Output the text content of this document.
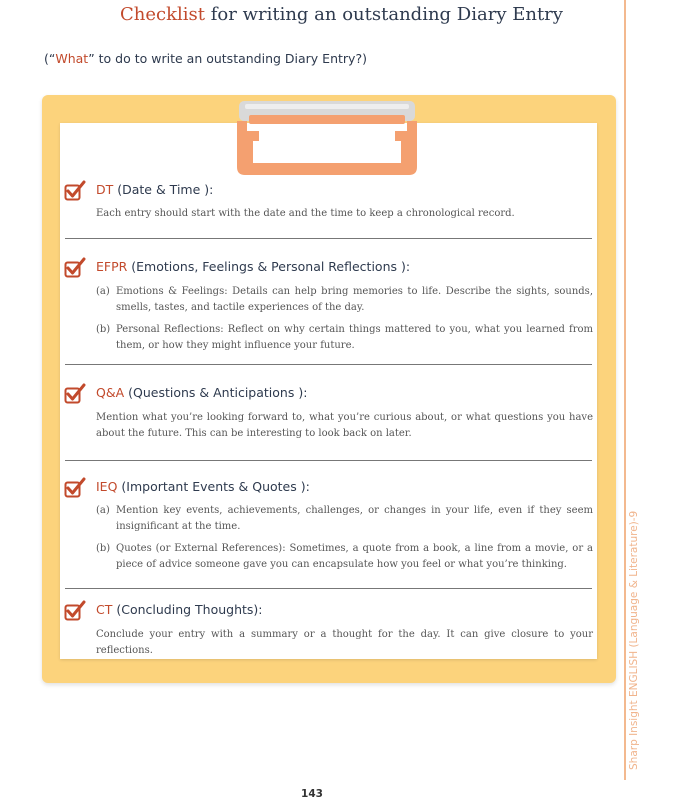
Checklist for writing an outstanding Diary Entry
(“What” to do to write an outstanding Diary Entry?)
Sharp Insight ENGLISH (Language & Literature)-9
DT (Date & Time ):
Each entry should start with the date and the time to keep a chronological record.
EFPR (Emotions, Feelings & Personal Reflections ):
(a) Emotions & Feelings: Details can help bring memories to life. Describe the sights, sounds, smells, tastes, and tactile experiences of the day.
(b) Personal Reflections: Reflect on why certain things mattered to you, what you learned from them, or how they might influence your future.
Q&A (Questions & Anticipations ):
Mention what you’re looking forward to, what you’re curious about, or what questions you have about the future. This can be interesting to look back on later.
IEQ (Important Events & Quotes ):
(a) Mention key events, achievements, challenges, or changes in your life, even if they seem insignificant at the time.
(b) Quotes (or External References): Sometimes, a quote from a book, a line from a movie, or a piece of advice someone gave you can encapsulate how you feel or what you’re thinking.
CT (Concluding Thoughts):
Conclude your entry with a summary or a thought for the day. It can give closure to your reflections.
143
